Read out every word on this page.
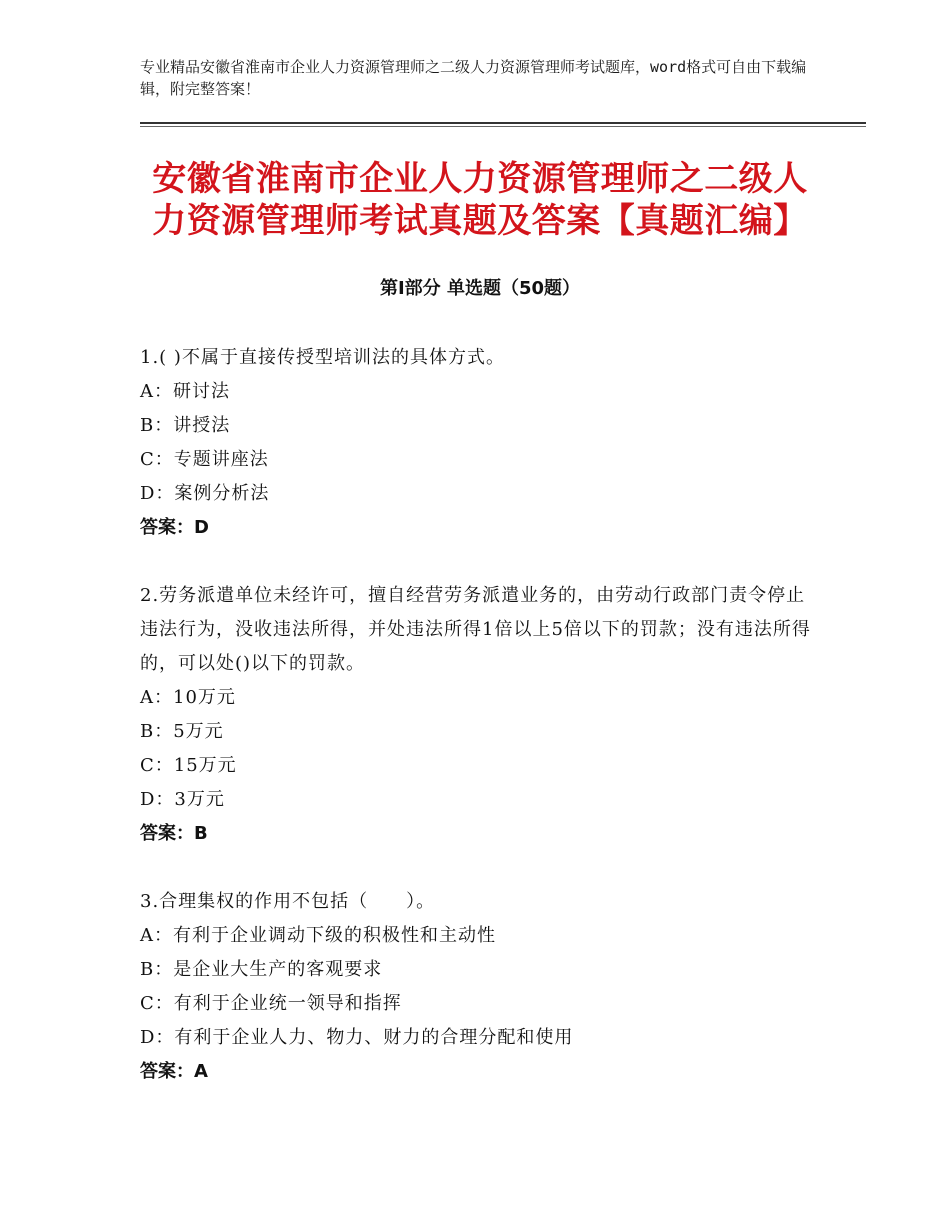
专业精品安徽省淮南市企业人力资源管理师之二级人力资源管理师考试题库，word格式可自由下载编辑，附完整答案！
安徽省淮南市企业人力资源管理师之二级人力资源管理师考试真题及答案【真题汇编】
第Ⅰ部分 单选题（50题）

1.( )不属于直接传授型培训法的具体方式。

A：研讨法

B：讲授法

C：专题讲座法

D：案例分析法

答案：D

2.劳务派遣单位未经许可，擅自经营劳务派遣业务的，由劳动行政部门责令停止违法行为，没收违法所得，并处违法所得1倍以上5倍以下的罚款；没有违法所得的，可以处()以下的罚款。

A：10万元

B：5万元

C：15万元

D：3万元

答案：B

3.合理集权的作用不包括（　　）。

A：有利于企业调动下级的积极性和主动性

B：是企业大生产的客观要求

C：有利于企业统一领导和指挥

D：有利于企业人力、物力、财力的合理分配和使用

答案：A
